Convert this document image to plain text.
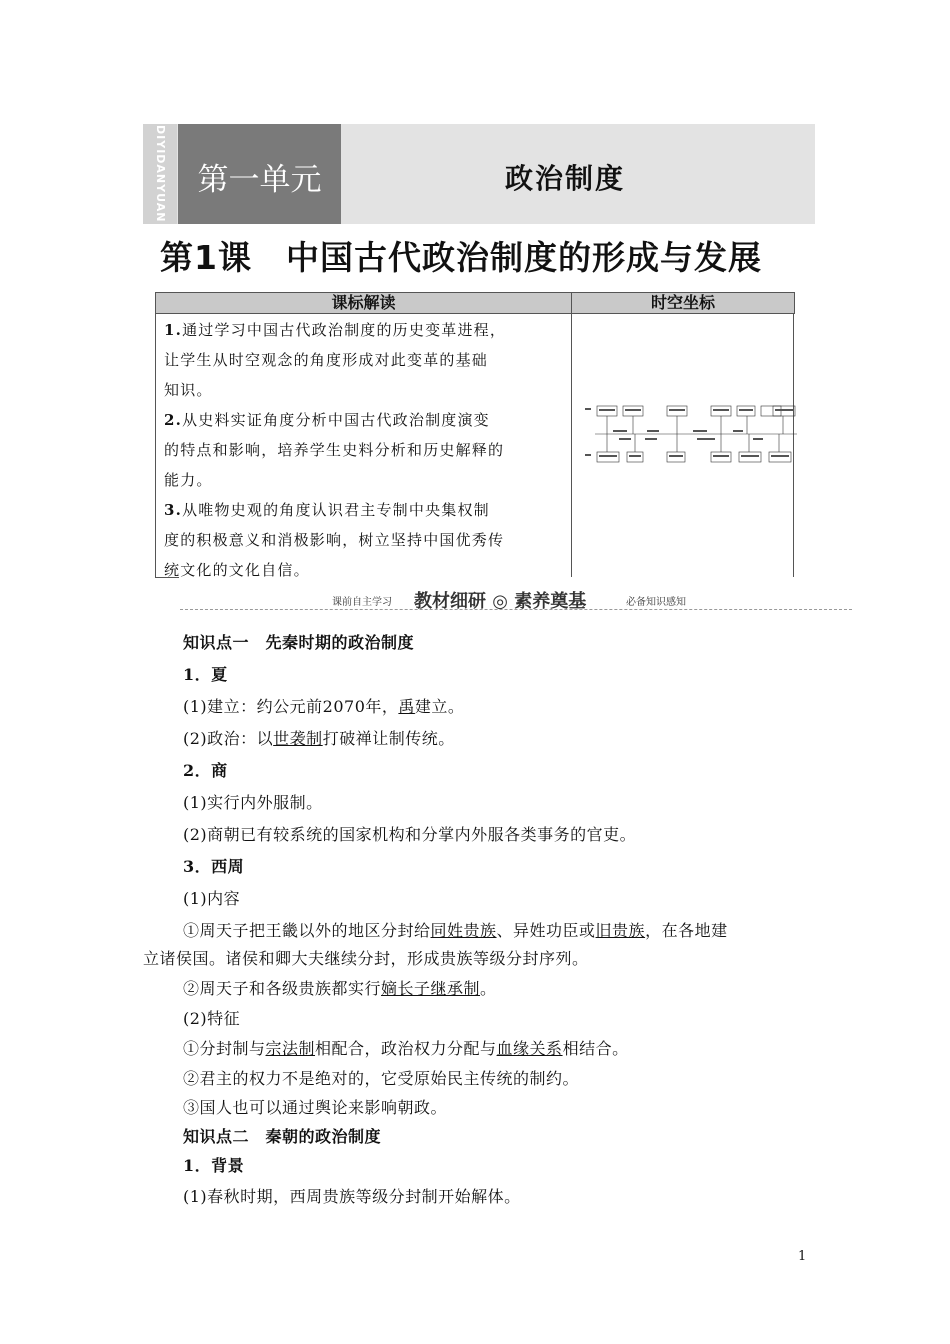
DIYIDANYUAN 第一单元	政治制度
第1课　中国古代政治制度的形成与发展
课标解读	时空坐标

1.通过学习中国古代政治制度的历史变革进程，

让学生从时空观念的角度形成对此变革的基础

知识。

2.从史料实证角度分析中国古代政治制度演变

的特点和影响，培养学生史料分析和历史解释的

能力。

3.从唯物史观的角度认识君主专制中央集权制

度的积极意义和消极影响，树立坚持中国优秀传

统文化的文化自信。

课前自主学习 教材细研 ◎ 素养奠基	必备知识感知
知识点一　先秦时期的政治制度
1．夏
(1)建立：约公元前2070年，禹建立。
(2)政治：以世袭制打破禅让制传统。
2．商
(1)实行内外服制。
(2)商朝已有较系统的国家机构和分掌内外服各类事务的官吏。
3．西周
(1)内容
①周天子把王畿以外的地区分封给同姓贵族、异姓功臣或旧贵族，在各地建
立诸侯国。诸侯和卿大夫继续分封，形成贵族等级分封序列。
②周天子和各级贵族都实行嫡长子继承制。
(2)特征
①分封制与宗法制相配合，政治权力分配与血缘关系相结合。
②君主的权力不是绝对的，它受原始民主传统的制约。
③国人也可以通过舆论来影响朝政。
知识点二　秦朝的政治制度
1．背景
(1)春秋时期，西周贵族等级分封制开始解体。
1
